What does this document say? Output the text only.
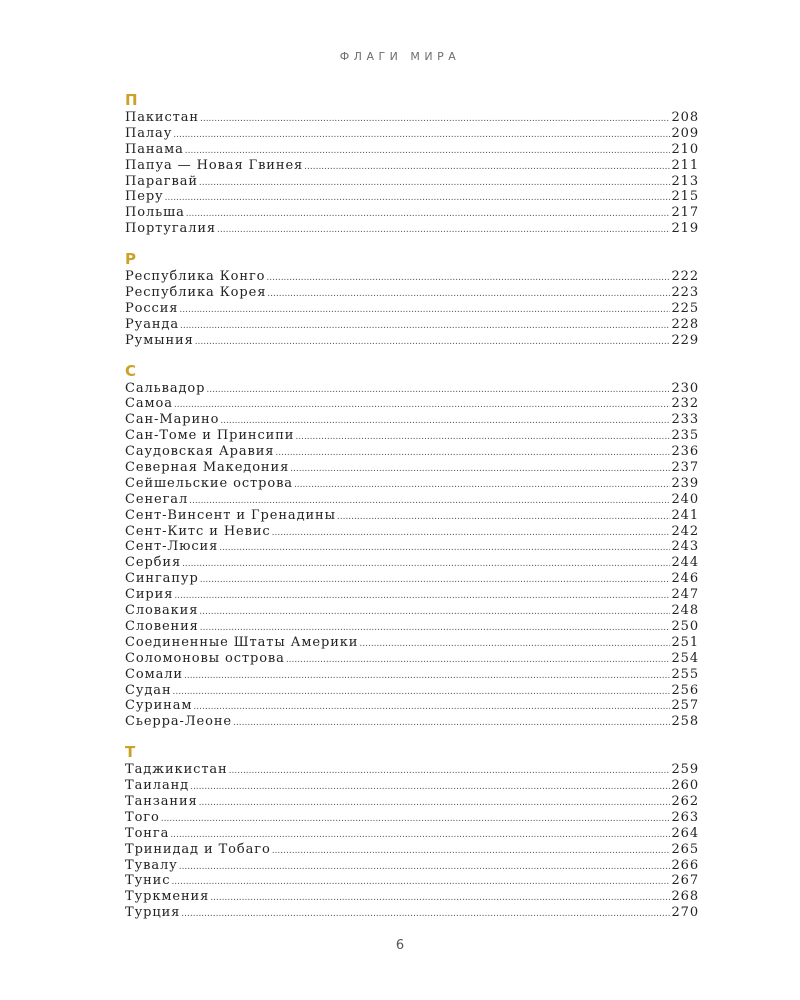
ФЛАГИ МИРА
П
Пакистан .....	208
Палау .....	209
Панама .....	210
Папуа — Новая Гвинея .....	211
Парагвай .....	213
Перу .....	215
Польша .....	217
Португалия .....	219
Р
Республика Конго .....	222
Республика Корея .....	223
Россия .....	225
Руанда .....	228
Румыния .....	229
С
Сальвадор .....	230
Самоа .....	232
Сан-Марино .....	233
Сан-Томе и Принсипи .....	235
Саудовская Аравия .....	236
Северная Македония .....	237
Сейшельские острова .....	239
Сенегал .....	240
Сент-Винсент и Гренадины .....	241
Сент-Китс и Невис .....	242
Сент-Люсия .....	243
Сербия .....	244
Сингапур .....	246
Сирия .....	247
Словакия .....	248
Словения .....	250
Соединенные Штаты Америки .....	251
Соломоновы острова .....	254
Сомали .....	255
Судан .....	256
Суринам .....	257
Сьерра-Леоне .....	258
Т
Таджикистан .....	259
Таиланд .....	260
Танзания .....	262
Того .....	263
Тонга .....	264
Тринидад и Тобаго .....	265
Тувалу .....	266
Тунис .....	267
Туркмения .....	268
Турция .....	270
6
